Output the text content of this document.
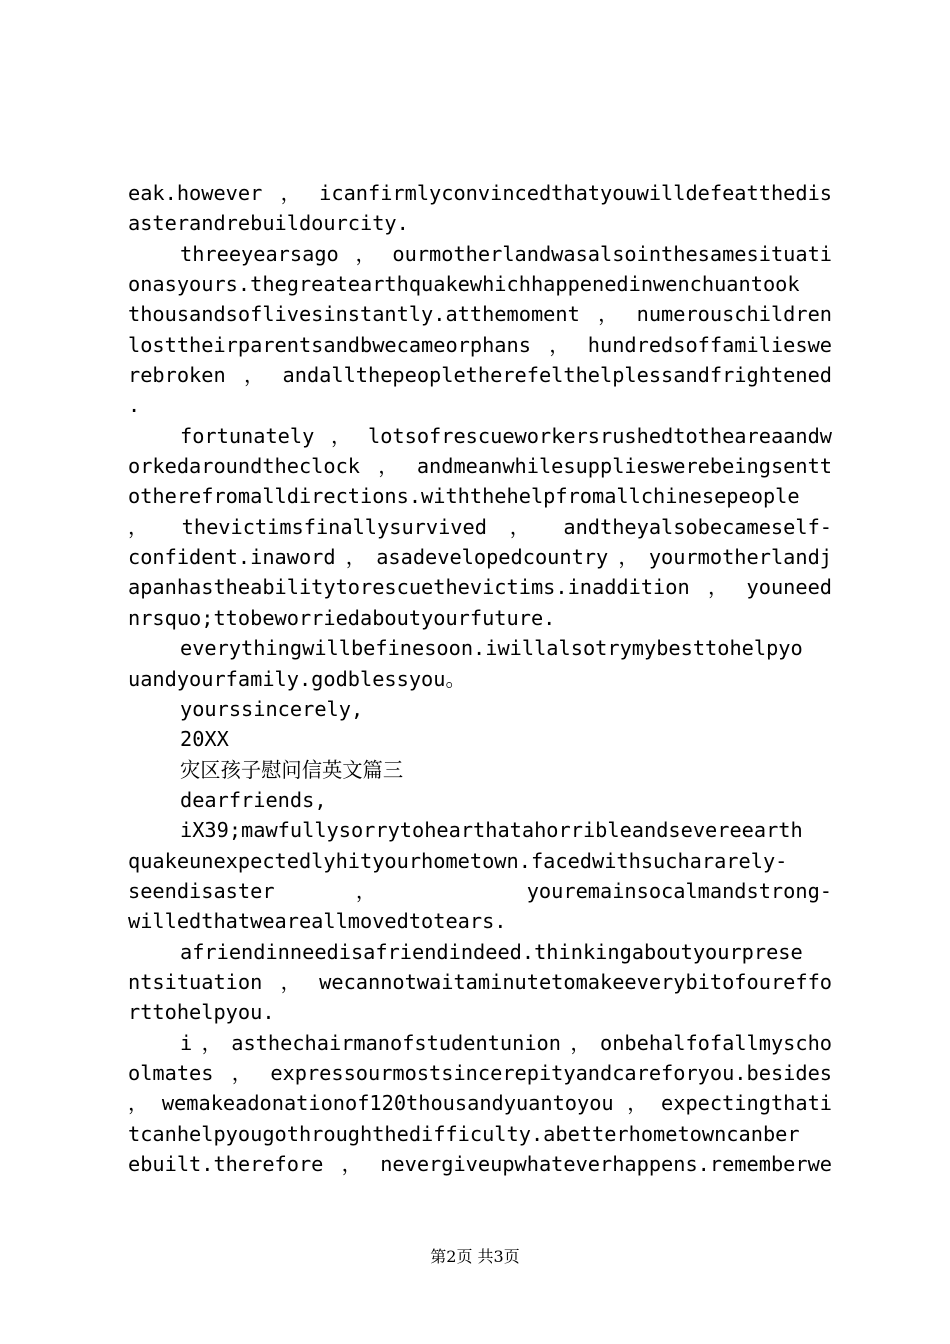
eak.however，icanfirmlyconvincedthatyouwilldefeatthedis
asterandrebuildourcity.
threeyearsago，ourmotherlandwasalsointhesamesituati
onasyours.thegreatearthquakewhichhappenedinwenchuantook
thousandsoflivesinstantly.atthemoment，numerouschildren
losttheirparentsandbwecameorphans，hundredsoffamilieswe
rebroken，andallthepeopletherefelthelplessandfrightened
.
fortunately，lotsofrescueworkersrushedtotheareaandw
orkedaroundtheclock，andmeanwhilesupplieswerebeingsentt
otherefromalldirections.withthehelpfromallchinesepeople
， thevictimsfinallysurvived ， andtheyalsobecameself-
confident.inaword，asadevelopedcountry，yourmotherlandj
apanhastheabilitytorescuethevictims.inaddition，youneed
nrsquo;ttobeworriedaboutyourfuture.
everythingwillbefinesoon.iwillalsotrymybesttohelpyo
uandyourfamily.godblessyou。
yourssincerely,
20XX
灾区孩子慰问信英文篇三
dearfriends,
iX39;mawfullysorrytohearthatahorribleandsevereearth
quakeunexpectedlyhityourhometown.facedwithsuchararely-
seendisaster ， youremainsocalmandstrong-
willedthatweareallmovedtotears.
afriendinneedisafriendindeed.thinkingaboutyourprese
ntsituation，wecannotwaitaminutetomakeeverybitofoureffo
rttohelpyou.
i，asthechairmanofstudentunion，onbehalfofallmyscho
olmates，expressourmostsincerepityandcareforyou.besides
，wemakeadonationof120thousandyuantoyou，expectingthati
tcanhelpyougothroughthedifficulty.abetterhometowncanber
ebuilt.therefore，nevergiveupwhateverhappens.rememberwe
第2页 共3页
